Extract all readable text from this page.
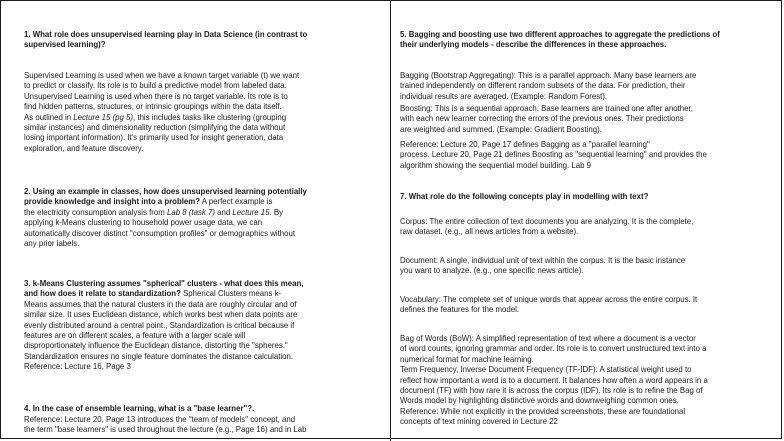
1. What role does unsupervised learning play in Data Science (in contrast to
supervised learning)?

Supervised Learning is used when we have a known target variable (t) we want
to predict or classify. Its role is to build a predictive model from labeled data.
Unsupervised Learning is used when there is no target variable. Its role is to
find hidden patterns, structures, or intrinsic groupings within the data itself.
As outlined in Lecture 15 (pg 5), this includes tasks like clustering (grouping
similar instances) and dimensionality reduction (simplifying the data without
losing important information). It's primarily used for insight generation, data
exploration, and feature discovery.

2. Using an example in classes, how does unsupervised learning potentially
provide knowledge and insight into a problem? A perfect example is
the electricity consumption analysis from Lab 8 (task 7) and Lecture 15. By
applying k-Means clustering to household power usage data, we can
automatically discover distinct "consumption profiles" or demographics without
any prior labels.

3. k-Means Clustering assumes "spherical" clusters - what does this mean,
and how does it relate to standardization? Spherical Clusters means k-
Means assumes that the natural clusters in the data are roughly circular and of
similar size. It uses Euclidean distance, which works best when data points are
evenly distributed around a central point., Standardization is critical because if
features are on different scales, a feature with a larger scale will
disproportionately influence the Euclidean distance, distorting the "spheres."
Standardization ensures no single feature dominates the distance calculation.
Reference: Lecture 16, Page 3

4. In the case of ensemble learning, what is a "base learner"?.

Reference: Lecture 20, Page 13 introduces the "team of models" concept, and
the term "base learners" is used throughout the lecture (e.g., Page 16) and in Lab

5. Bagging and boosting use two different approaches to aggregate the predictions of
their underlying models - describe the differences in these approaches.

Bagging (Bootstrap Aggregating): This is a parallel approach. Many base learners are
trained independently on different random subsets of the data. For prediction, their
individual results are averaged. (Example: Random Forest).

Boosting: This is a sequential approach. Base learners are trained one after another,
with each new learner correcting the errors of the previous ones. Their predictions
are weighted and summed. (Example: Gradient Boosting).

Reference: Lecture 20, Page 17 defines Bagging as a "parallel learning"
process. Lecture 20, Page 21 defines Boosting as "sequential learning" and provides the
algorithm showing the sequential model building. Lab 9

7. What role do the following concepts play in modelling with text?

Corpus: The entire collection of text documents you are analyzing. It is the complete,
raw dataset. (e.g., all news articles from a website).

Document: A single, individual unit of text within the corpus. It is the basic instance
you want to analyze. (e.g., one specific news article).

Vocabulary: The complete set of unique words that appear across the entire corpus. It
defines the features for the model.

Bag of Words (BoW): A simplified representation of text where a document is a vector
of word counts, ignoring grammar and order. Its role is to convert unstructured text into a
numerical format for machine learning.
Term Frequency, Inverse Document Frequency (TF-IDF): A statistical weight used to
reflect how important a word is to a document. It balances how often a word appears in a
document (TF) with how rare it is across the corpus (IDF). Its role is to refine the Bag of
Words model by highlighting distinctive words and downweighing common ones.
Reference: While not explicitly in the provided screenshots, these are foundational
concepts of text mining covered in Lecture 22
